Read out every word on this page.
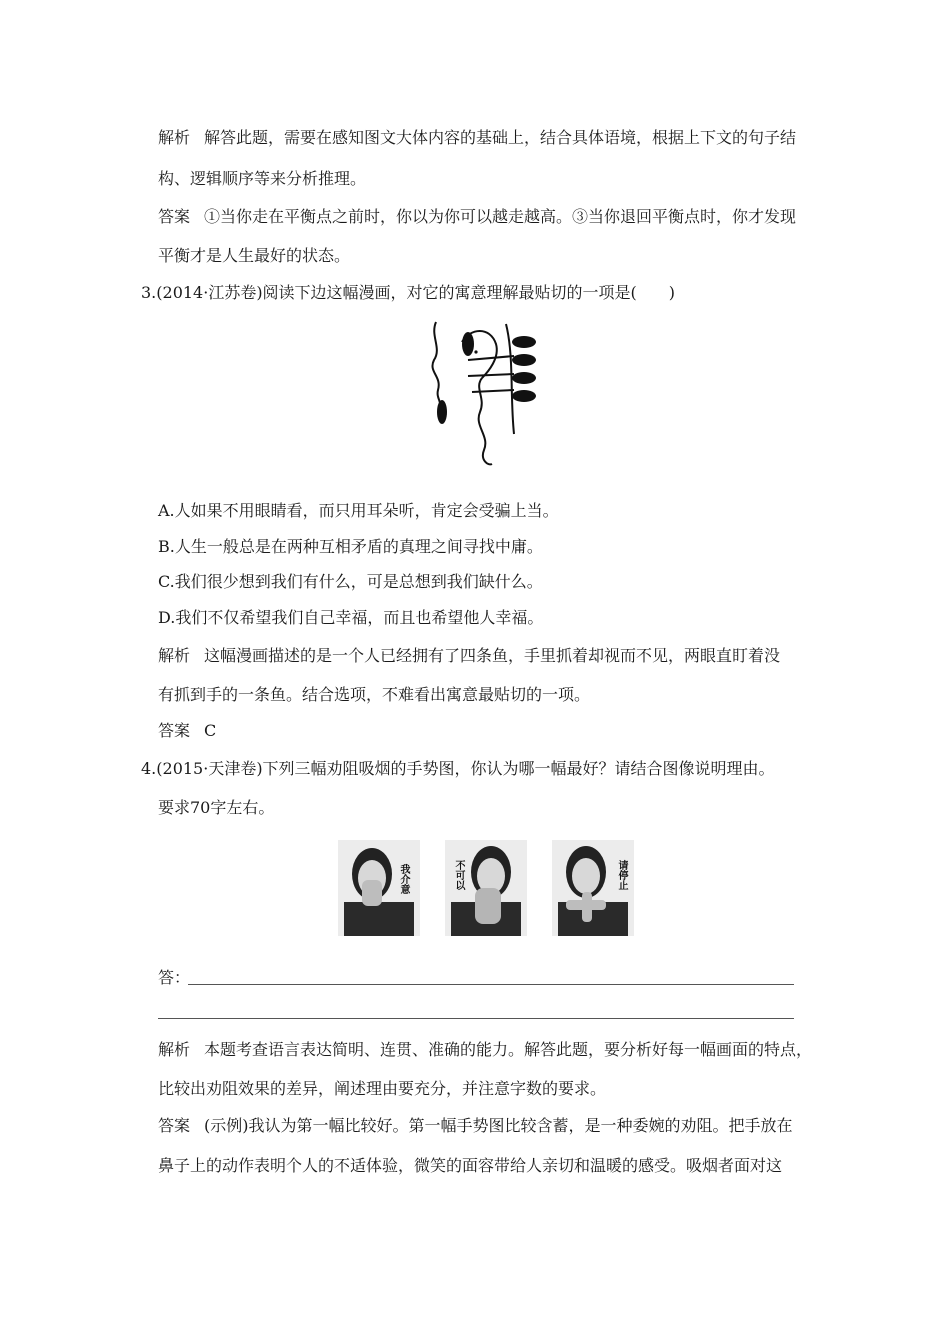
解析 解答此题，需要在感知图文大体内容的基础上，结合具体语境，根据上下文的句子结
构、逻辑顺序等来分析推理。
答案 ①当你走在平衡点之前时，你以为你可以越走越高。③当你退回平衡点时，你才发现
平衡才是人生最好的状态。
3.(2014·江苏卷)阅读下边这幅漫画，对它的寓意理解最贴切的一项是(　　)
A.人如果不用眼睛看，而只用耳朵听，肯定会受骗上当。
B.人生一般总是在两种互相矛盾的真理之间寻找中庸。
C.我们很少想到我们有什么，可是总想到我们缺什么。
D.我们不仅希望我们自己幸福，而且也希望他人幸福。
解析 这幅漫画描述的是一个人已经拥有了四条鱼，手里抓着却视而不见，两眼直盯着没
有抓到手的一条鱼。结合选项，不难看出寓意最贴切的一项。
答案 C
4.(2015·天津卷)下列三幅劝阻吸烟的手势图，你认为哪一幅最好？请结合图像说明理由。
要求70字左右。
我介意	不可以	请停止
答：
解析 本题考查语言表达简明、连贯、准确的能力。解答此题，要分析好每一幅画面的特点，
比较出劝阻效果的差异，阐述理由要充分，并注意字数的要求。
答案 (示例)我认为第一幅比较好。第一幅手势图比较含蓄，是一种委婉的劝阻。把手放在
鼻子上的动作表明个人的不适体验，微笑的面容带给人亲切和温暖的感受。吸烟者面对这
